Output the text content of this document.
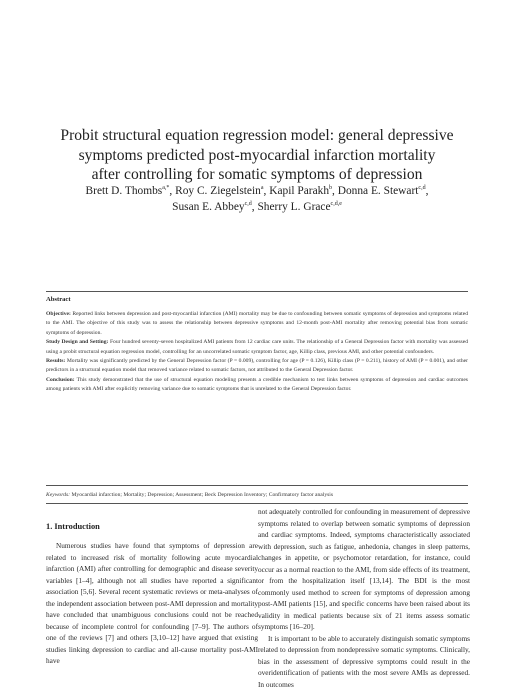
Probit structural equation regression model: general depressive
symptoms predicted post-myocardial infarction mortality
after controlling for somatic symptoms of depression
Brett D. Thombs$^{a,*}$, Roy C. Ziegelstein$^a$, Kapil Parakh$^b$, Donna E. Stewart$^{c,d}$,
Susan E. Abbey$^{c,d}$, Sherry L. Grace$^{c,d,e}$
Abstract

Objective: Reported links between depression and post-myocardial infarction (AMI) mortality may be due to confounding between somatic symptoms of depression and symptoms related to the AMI. The objective of this study was to assess the relationship between depressive symptoms and 12-month post-AMI mortality after removing potential bias from somatic symptoms of depression.

Study Design and Setting: Four hundred seventy-seven hospitalized AMI patients from 12 cardiac care units. The relationship of a General Depression factor with mortality was assessed using a probit structural equation regression model, controlling for an uncorrelated somatic symptom factor, age, Killip class, previous AMI, and other potential confounders.

Results: Mortality was significantly predicted by the General Depression factor (P = 0.009), controlling for age (P = 0.126), Killip class (P = 0.211), history of AMI (P = 0.001), and other predictors in a structural equation model that removed variance related to somatic factors, not attributed to the General Depression factor.

Conclusion: This study demonstrated that the use of structural equation modeling presents a credible mechanism to test links between symptoms of depression and cardiac outcomes among patients with AMI after explicitly removing variance due to somatic symptoms that is unrelated to the General Depression factor.

Keywords: Myocardial infarction; Mortality; Depression; Assessment; Beck Depression Inventory; Confirmatory factor analysis
1. Introduction

Numerous studies have found that symptoms of depression are related to increased risk of mortality following acute myocardial infarction (AMI) after controlling for demographic and disease severity variables [1–4], although not all studies have reported a significant association [5,6]. Several recent systematic reviews or meta-analyses of the independent association between post-AMI depression and mortality have concluded that unambiguous conclusions could not be reached because of incomplete control for confounding [7–9]. The authors of one of the reviews [7] and others [3,10–12] have argued that existing studies linking depression to cardiac and all-cause mortality post-AMI have

not adequately controlled for confounding in measurement of depressive symptoms related to overlap between somatic symptoms of depression and cardiac symptoms. Indeed, symptoms characteristically associated with depression, such as fatigue, anhedonia, changes in sleep patterns, changes in appetite, or psychomotor retardation, for instance, could occur as a normal reaction to the AMI, from side effects of its treatment, or from the hospitalization itself [13,14]. The BDI is the most commonly used method to screen for symptoms of depression among post-AMI patients [15], and specific concerns have been raised about its validity in medical patients because six of 21 items assess somatic symptoms [16–20].

It is important to be able to accurately distinguish somatic symptoms related to depression from nondepressive somatic symptoms. Clinically, bias in the assessment of depressive symptoms could result in the overidentification of patients with the most severe AMIs as depressed. In outcomes
